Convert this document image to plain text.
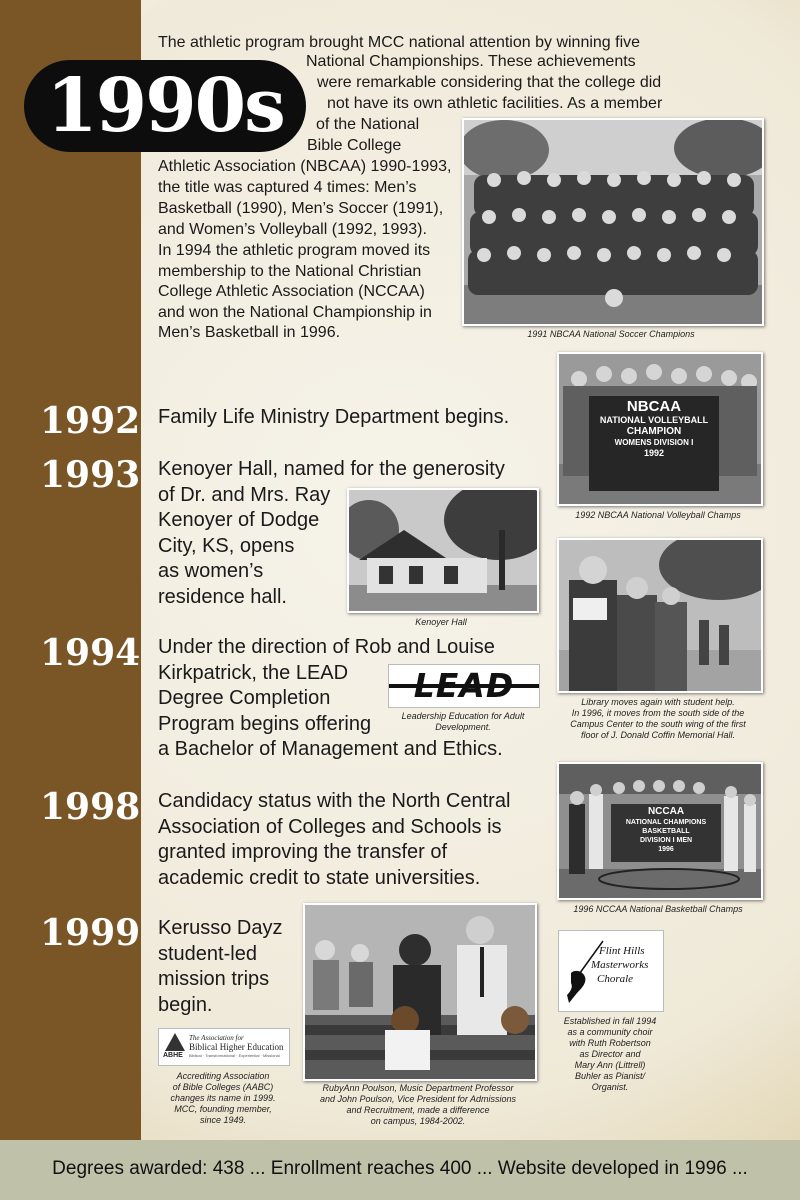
Degrees awarded: 438 ... Enrollment reaches 400 ... Website developed in 1996 ...
1990s
The athletic program brought MCC national attention by winning five
National Championships. These achievements
were remarkable considering that the college did
not have its own athletic facilities. As a member
of the National
Bible College
Athletic Association (NBCAA) 1990-1993,
the title was captured 4 times: Men’s
Basketball (1990), Men’s Soccer (1991),
and Women’s Volleyball (1992, 1993).
In 1994 the athletic program moved its
membership to the National Christian
College Athletic Association (NCCAA)
and won the National Championship in
Men’s Basketball in 1996.	1991 NBCAA National Soccer Champions
NBCAA
NATIONAL VOLLEYBALL
CHAMPION
WOMENS DIVISION I
1992
1992 NBCAA National Volleyball Champs
1992 Family Life Ministry Department begins.
1993 Kenoyer Hall, named for the generosity
of Dr. and Mrs. Ray
Kenoyer of Dodge
City, KS, opens
as women’s
residence hall.
Kenoyer Hall
Library moves again with student help.
In 1996, it moves from the south side of the
Campus Center to the south wing of the first
floor of J. Donald Coffin Memorial Hall.
1994 Under the direction of Rob and Louise
Kirkpatrick, the LEAD
Degree Completion
Program begins offering
a Bachelor of Management and Ethics.
LEAD
Leadership Education for Adult
Development.
NCCAA
NATIONAL CHAMPIONS
BASKETBALL
DIVISION I MEN
1996
1996 NCCAA National Basketball Champs
1998 Candidacy status with the North Central
Association of Colleges and Schools is
granted improving the transfer of
academic credit to state universities.
1999 Kerusso Dayz
student-led
mission trips
begin.
RubyAnn Poulson, Music Department Professor
and John Poulson, Vice President for Admissions
and Recruitment, made a difference
on campus, 1984-2002.
ABHE
The Association for
Biblical Higher Education
Biblical · Transformational · Experiential · Missional
Accrediting Association
of Bible Colleges (AABC)
changes its name in 1999.
MCC, founding member,
since 1949.
Flint Hills
Masterworks
Chorale
Established in fall 1994
as a community choir
with Ruth Robertson
as Director and
Mary Ann (Littrell)
Buhler as Pianist/
Organist.
